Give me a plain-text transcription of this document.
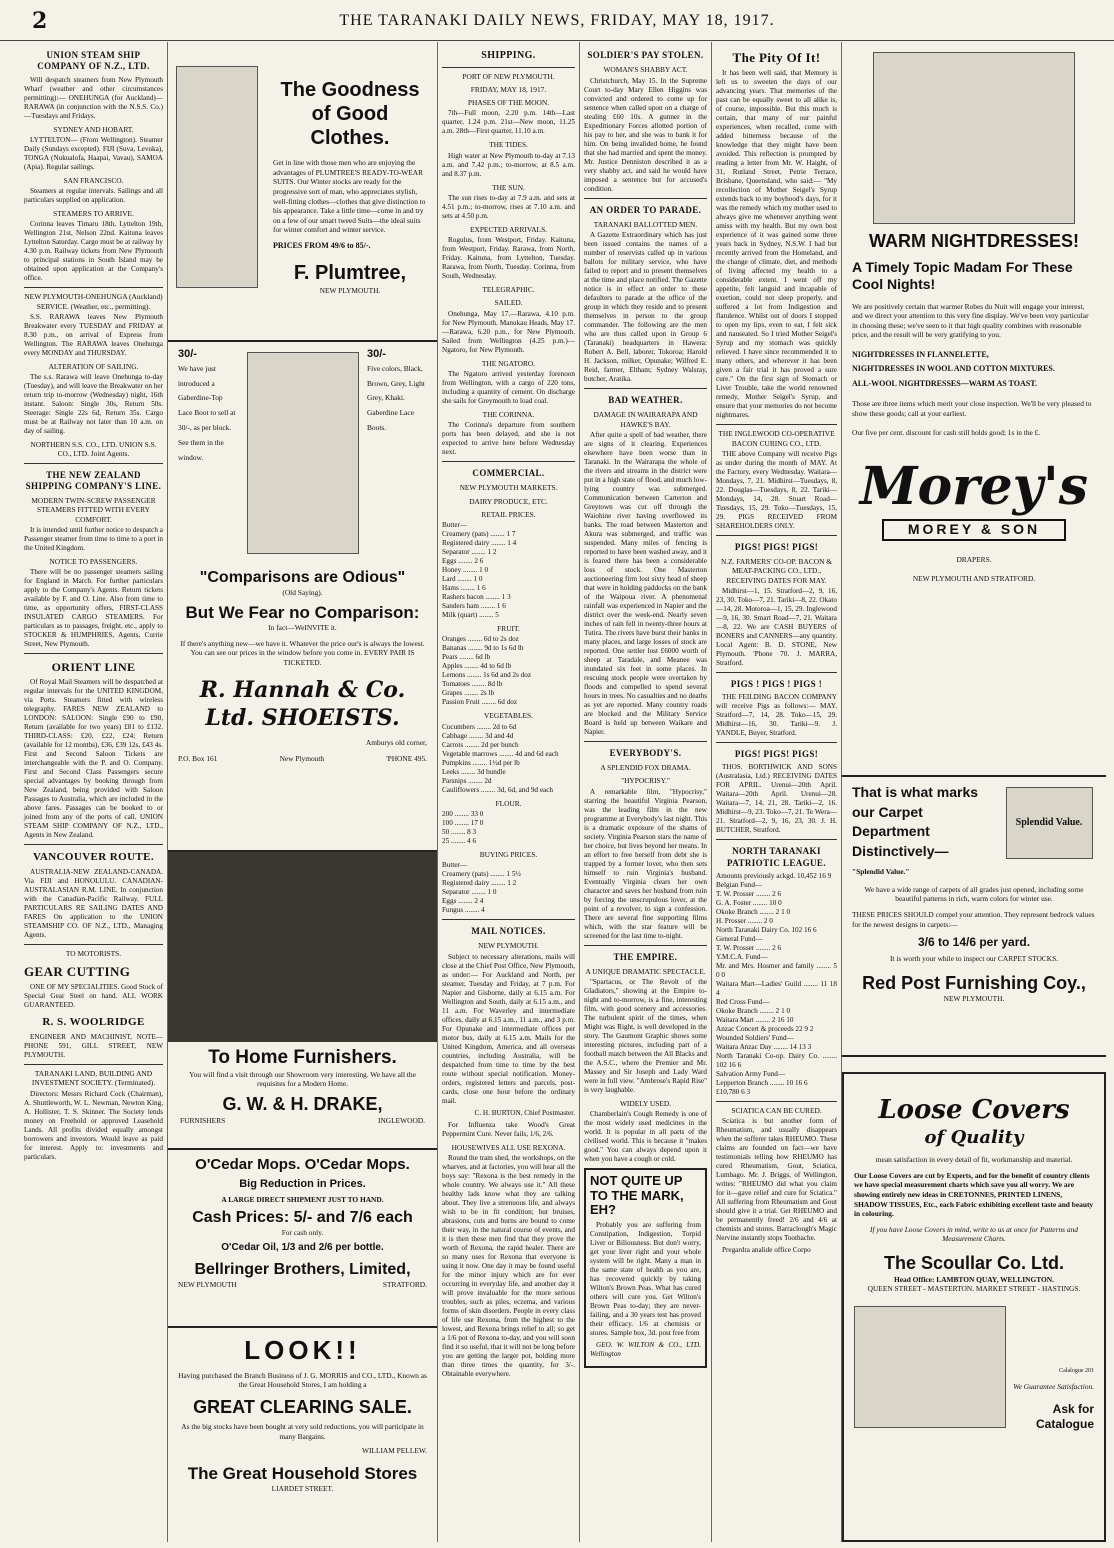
2	THE TARANAKI DAILY NEWS, FRIDAY, MAY 18, 1917.
UNION STEAM SHIP COMPANY OF N.Z., LTD.

Will despatch steamers from New Plymouth Wharf (weather and other circumstances permitting):— ONEHUNGA (for Auckland)— RARAWA (in conjunction with the N.S.S. Co.)—Tuesdays and Fridays.

SYDNEY AND HOBART.

LYTTELTON— (From Wellington). Steamer Daily (Sundays excepted). FIJI (Suva, Levuka), TONGA (Nukualofa, Haapai, Vavau), SAMOA (Apia). Regular sailings.

SAN FRANCISCO.

Steamers at regular intervals. Sailings and all particulars supplied on application.

STEAMERS TO ARRIVE.

Corinna leaves Timaru 18th, Lyttelton 19th, Wellington 21st, Nelson 22nd. Kaituna leaves Lyttelton Saturday. Cargo must be at railway by 4.30 p.m. Railway tickets from New Plymouth to principal stations in South Island may be obtained upon application at the Company's office.

NEW PLYMOUTH-ONEHUNGA (Auckland) SERVICE. (Weather, etc., permitting).

S.S. RARAWA leaves New Plymouth Breakwater every TUESDAY and FRIDAY at 8.30 p.m., on arrival of Express from Wellington. The RARAWA leaves Onehunga every MONDAY and THURSDAY.

ALTERATION OF SAILING.

The s.s. Rarawa will leave Onehunga to-day (Tuesday), and will leave the Breakwater on her return trip to-morrow (Wednesday) night, 16th instant. Saloon: Single 30s, Return 50s. Steerage: Single 22s 6d, Return 35s. Cargo must be at Railway not later than 10 a.m. on day of sailing.

NORTHERN S.S. CO., LTD. UNION S.S. CO., LTD. Joint Agents.
THE NEW ZEALAND SHIPPING COMPANY'S LINE.
MODERN TWIN-SCREW PASSENGER STEAMERS FITTED WITH EVERY COMFORT.

It is intended until further notice to despatch a Passenger steamer from time to time to a port in the United Kingdom.

NOTICE TO PASSENGERS.

There will be no passenger steamers sailing for England in March. For further particulars apply to the Company's Agents. Return tickets available by F. and O. Line. Also from time to time, as opportunity offers, FIRST-CLASS INSULATED CARGO STEAMERS. For particulars as to passages, freight, etc., apply to STOCKER & HUMPHRIES, Agents, Currie Street, New Plymouth.

ORIENT LINE

Of Royal Mail Steamers will be despatched at regular intervals for the UNITED KINGDOM, via Ports. Steamers fitted with wireless telegraphy. FARES NEW ZEALAND to LONDON: SALOON: Single £90 to £90, Return (available for two years) £81 to £132. THIRD-CLASS: £20, £22, £24; Return (available for 12 months), £36, £39 12s, £43 4s. First and Second Saloon Tickets are interchangeable with the P. and O. Company. First and Second Class Passengers secure special advantages by booking through from New Zealand, being provided with Saloon Passages to Australia, which are included in the above fares. Passages can be booked to or joined from any of the ports of call. UNION STEAM SHIP COMPANY OF N.Z., LTD., Agents in New Zealand.

VANCOUVER ROUTE.

AUSTRALIA-NEW ZEALAND-CANADA. Via FIJI and HONOLULU. CANADIAN-AUSTRALASIAN R.M. LINE. In conjunction with the Canadian-Pacific Railway. FULL PARTICULARS RE SAILING DATES AND FARES On application to the UNION STEAMSHIP CO. OF N.Z., LTD., Managing Agents.

TO MOTORISTS.
GEAR CUTTING

ONE OF MY SPECIALITIES. Good Stock of Special Gear Steel on hand. ALL WORK GUARANTEED.

R. S. WOOLRIDGE

ENGINEER AND MACHINIST, NOTE—PHONE 591, GILL STREET, NEW PLYMOUTH.

TARANAKI LAND, BUILDING AND INVESTMENT SOCIETY. (Terminated).

Directors: Messrs Richard Cock (Chairman), A. Shuttleworth, W. L. Newman, Newton King, A. Hollister, T. S. Skinner. The Society lends money on Freehold or approved Leasehold Lands. All profits divided equally amongst borrowers and investors. Would leave as paid for interest. Apply to: investments and particulars.

The Goodness of Good Clothes.
Get in line with those men who are enjoying the advantages of PLUMTREE'S READY-TO-WEAR SUITS. Our Winter stocks are ready for the progressive sort of man, who appreciates stylish, well-fitting clothes—clothes that give distinction to his appearance. Take a little time—come in and try on a few of our smart tweed Suits—the ideal suits for winter comfort and winter service.
PRICES FROM 49/6 to 85/-.
F. Plumtree,
NEW PLYMOUTH.
30/-
We have just introduced a Gaberdine-Top Lace Boot to sell at 30/-, as per block. See them in the window.
30/-
Five colors, Black, Brown, Grey, Light Grey, Khaki. Gaberdine Lace Boots.
"Comparisons are Odious"
(Old Saying).
But We Fear no Comparison:
In fact—WeINVITE it.
If there's anything new—we have it. Whatever the price our's is always the lowest. You can see our prices in the window before you come in. EVERY PAIR IS TICKETED.
R. Hannah & Co. Ltd. SHOEISTS.
Amburys old corner,
P.O. Box 161	New Plymouth	'PHONE 495.
To Home Furnishers.
You will find a visit through our Showroom very interesting. We have all the requisites for a Modern Home.
G. W. & H. DRAKE,
FURNISHERS	INGLEWOOD.
O'Cedar Mops. O'Cedar Mops.
Big Reduction in Prices.
A LARGE DIRECT SHIPMENT JUST TO HAND.
Cash Prices: 5/- and 7/6 each
For cash only.
O'Cedar Oil, 1/3 and 2/6 per bottle.
Bellringer Brothers, Limited,
NEW PLYMOUTH	STRATFORD.
LOOK!!
Having purchased the Branch Business of J. G. MORRIS and CO., LTD., Known as the Great Household Stores, I am holding a
GREAT CLEARING SALE.
As the big stocks have been bought at very sold reductions, you will participate in many Bargains.
WILLIAM PELLEW.
The Great Household Stores
LIARDET STREET.
SHIPPING.
PORT OF NEW PLYMOUTH.
FRIDAY, MAY 18, 1917.
PHASES OF THE MOON.

7th—Full moon, 2.20 p.m. 14th—Last quarter, 1.24 p.m. 21st—New moon, 11.25 a.m. 28th—First quarter, 11.10 a.m.

THE TIDES.

High water at New Plymouth to-day at 7.13 a.m. and 7.42 p.m.; to-morrow, at 8.5 a.m. and 8.37 p.m.

THE SUN.

The sun rises to-day at 7.9 a.m. and sets at 4.51 p.m.; to-morrow, rises at 7.10 a.m. and sets at 4.50 p.m.

EXPECTED ARRIVALS.

Rogulus, from Westport, Friday. Kaituna, from Westport, Friday. Rarawa, from North, Friday. Kaituna, from Lyttelton, Tuesday. Rarawa, from North, Tuesday. Corinna, from South, Wednesday.

TELEGRAPHIC.
SAILED.

Onehunga, May 17.—Rarawa, 4.10 p.m. for New Plymouth. Manukau Heads, May 17.—Rarawa, 6.20 p.m., for New Plymouth. Sailed from Wellington (4.25 p.m.)—Ngatoro, for New Plymouth.

THE NGATORO.

The Ngatoro arrived yesterday forenoon from Wellington, with a cargo of 220 tons, including a quantity of cement. On discharge she sails for Greymouth to load coal.

THE CORINNA.

The Corinna's departure from southern ports has been delayed, and she is not expected to arrive here before Wednesday next.

COMMERCIAL.
NEW PLYMOUTH MARKETS.
DAIRY PRODUCE, ETC.
RETAIL PRICES.
Butter—
Creamery (pats) ........ 1 7
Registered dairy ........ 1 4
Separator ........ 1 2
Eggs ........ 2 6
Honey ........ 1 0
Lard ........ 1 0
Hams ........ 1 6
Rashers bacon ........ 1 3
Sanders ham ........ 1 6
Milk (quart) ........ 5
FRUIT.
Oranges ........ 6d to 2s doz
Bananas ........ 9d to 1s 6d lb
Pears ........ 6d lb
Apples ........ 4d to 6d lb
Lemons ........ 1s 6d and 2s doz
Tomatoes ........ 8d lb
Grapes ........ 2s lb
Passion Fruit ........ 6d doz
VEGETABLES.
Cucumbers ........ 2d to 6d
Cabbage ........ 3d and 4d
Carrots ........ 2d per bunch
Vegetable marrows ........ 4d and 6d each
Pumpkins ........ 1½d per lb
Leeks ........ 3d bundle
Parsnips ........ 2d
Cauliflowers ........ 3d, 6d, and 9d each
FLOUR.
200 ........ 33 0
100 ........ 17 0
50 ........ 8 3
25 ........ 4 6
BUYING PRICES.
Butter—
Creamery (pats) ........ 1 5½
Registered dairy ........ 1 2
Separator ........ 1 0
Eggs ........ 2 4
Fungus ........ 4
MAIL NOTICES.
NEW PLYMOUTH.

Subject to necessary alterations, mails will close at the Chief Post Office, New Plymouth, as under:— For Auckland and North, per steamer, Tuesday and Friday, at 7 p.m. For Napier and Gisborne, daily at 6.15 a.m. For Wellington and South, daily at 6.15 a.m., and 11 a.m. For Waverley and intermediate offices, daily at 6.15 a.m., 11 a.m., and 3 p.m. For Opunake and intermediate offices per motor bus, daily at 6.15 a.m. Mails for the United Kingdom, America, and all overseas countries, including Australia, will be despatched from time to time by the best route without special notification. Money-orders, registered letters and parcels, post-cards, close one hour before the ordinary mail.

C. H. BURTON, Chief Postmaster.

For Influenza take Wood's Great Peppermint Cure. Never fails, 1/6, 2/6.

HOUSEWIVES ALL USE REXONA.

Round the tram shed, the workshops, on the wharves, and at factories, you will hear all the boys say: "Rexona is the best remedy in the whole country. We always use it." All these healthy lads know what they are talking about. They live a strenuous life, and always wish to be in fit condition; but bruises, abrasions, cuts and burns are bound to come their way, in the natural course of events, and it is then these men find that they prove the worth of Rexona, the rapid healer. There are so many uses for Rexona that everyone is using it now. One day it may be found useful for the minor injury which are for ever occurring in everyday life, and another day it will prove invaluable for the more serious troubles, such as piles, eczema, and various forms of skin disorders. People in every class of life use Rexona, from the highest to the lowest, and Rexona brings relief to all; so get a 1/6 pot of Rexona to-day, and you will soon find it so useful, that it will not be long before you are getting the larger pot, holding more than three times the quantity, for 3/-. Obtainable everywhere.

SOLDIER'S PAY STOLEN.
WOMAN'S SHABBY ACT.

Christchurch, May 15. In the Supreme Court to-day Mary Ellen Higgins was convicted and ordered to come up for sentence when called upon on a charge of stealing £60 10s. A gunner in the Expeditionary Forces allotted portion of his pay to her, and she was to bank it for him. On being invalided home, he found that she had married and spent the money. Mr. Justice Denniston described it as a very shabby act, and said he would have imposed a sentence but for accused's condition.

AN ORDER TO PARADE.
TARANAKI BALLOTTED MEN.

A Gazette Extraordinary which has just been issued contains the names of a number of reservists called up in various ballots for military service, who have failed to report and to present themselves at the time and place notified. The Gazette notice is in effect an order to these defaulters to parade at the office of the group in which they reside and to present themselves in person to the group commander. The following are the men who are thus called upon in Group 6 (Taranaki) headquarters in Hawera: Robert A. Bell, laborer, Tokoroa; Harold H. Jackson, milker, Opunake; Wilfred E. Reid, farmer, Eltham; Sydney Walsray, butcher, Aratika.

BAD WEATHER.
DAMAGE IN WAIRARAPA AND HAWKE'S BAY.

After quite a spell of bad weather, there are signs of it clearing. Experiences elsewhere have been worse than in Taranaki. In the Wairarapa the whole of the rivers and streams in the district were put in a high state of flood, and much low-lying country was submerged. Communication between Carterton and Greytown was cut off through the Waiohine river having overflowed its banks. The road between Masterton and Akura was submerged, and traffic was suspended. Many miles of fencing is reported to have been washed away, and it is feared there has been a considerable loss of stock. One Masterton auctioneering firm lost sixty head of sheep that were in holding paddocks on the bank of the Waipoua river. A phenomenal rainfall was experienced in Napier and the district over the week-end. Nearly seven inches of rain fell in twenty-three hours at Tutira. The rivers have burst their banks in many places, and large losses of stock are reported. One settler lost £6000 worth of sheep at Taradale, and Meanee was inundated six feet in some places. In rescuing stock people were overtaken by floods and compelled to spend several hours in trees. No casualties and no deaths as yet are reported. Many country roads are blocked and the Military Service Board is held up between Waikare and Napier.

EVERYBODY'S.
A SPLENDID FOX DRAMA.
"HYPOCRISY."

A remarkable film, "Hypocrisy," starring the beautiful Virginia Pearson, was the leading film in the new programme at Everybody's last night. This is a dramatic exposure of the shams of society. Virginia Pearson stars the name of her choice, but lives beyond her means. In an effort to free herself from debt she is trapped by a former lover, who then sets himself to ruin Virginia's husband. Eventually Virginia clears her own character and saves her husband from ruin by forcing the unscrupulous lover, at the point of a revolver, to sign a confession. There are several fine supporting films which, with the star feature will be screened for the last time to-night.

THE EMPIRE.
A UNIQUE DRAMATIC SPECTACLE.

"Spartacus, or The Revolt of the Gladiators," showing at the Empire to-night and to-morrow, is a fine, interesting film, with good scenery and accessories. The turbulent spirit of the times, when Might was Right, is well developed in the story. The Gaumont Graphic shows some interesting pictures, including part of a football match between the All Blacks and the A.S.C., where the Premier and Mr. Massey and Sir Joseph and Lady Ward were in full view. "Ambrose's Rapid Rise" is very laughable.

WIDELY USED.

Chamberlain's Cough Remedy is one of the most widely used medicines in the world. It is popular in all parts of the civilised world. This is because it "makes good." You can always depend upon it when you have a cough or cold.

NOT QUITE UP TO THE MARK, EH?

Probably you are suffering from Constipation, Indigestion, Torpid Liver or Biliousness. But don't worry, get your liver right and your whole system will be right. Many a man in the same state of health as you are, has recovered quickly by taking Wilton's Brown Peas. What has cured others will cure you. Get Wilton's Brown Peas to-day; they are never-failing, and a 30 years test has proved their efficacy. 1/6 at chemists or stores. Sample box, 3d. post free from

GEO. W. WILTON & CO., LTD. Wellington

The Pity Of It!

It has been well said, that Memory is left us to sweeten the days of our advancing years. That memories of the past can be equally sweet to all alike is, of course, impossible. But this much is certain, that many of our painful experiences, when recalled, come with added bitterness because of the knowledge that they might have been avoided. This reflection is prompted by reading a letter from Mr. W. Haight, of 31, Rutland Street, Petrie Terrace, Brisbane, Queensland, who said:— "My recollection of Mother Seigel's Syrup extends back to my boyhood's days, for it was the remedy which my mother used to always give me whenever anything went amiss with my health. But my own best experience of it was gained some three years back in Sydney, N.S.W. I had but recently arrived from the Homeland, and the change of climate, diet, and methods of living affected my health to a considerable extent. I went off my appetite, felt languid and incapable of exertion, could not sleep properly, and suffered a lot from Indigestion and flatulence. Whilst out of doors I stopped to open my lips, even to eat, I felt sick and nauseated. So I tried Mother Seigel's Syrup and my stomach was quickly relieved. I have since recommended it to many others, and wherever it has been given a fair trial it has proved a sure cure." On the first sign of Stomach or Liver Trouble, take the world renowned remedy, Mother Seigel's Syrup, and ensure that your memories do not become nightmares.

THE INGLEWOOD CO-OPERATIVE BACON CURING CO., LTD.

THE above Company will receive Pigs as under during the month of MAY. At the Factory, every Wednesday. Waitara—Mondays, 7, 21. Midhirst—Tuesdays, 8, 22. Douglas—Tuesdays, 8, 22. Tariki—Mondays, 14, 28. Stuart Road—Tuesdays, 15, 29. Toko—Tuesdays, 15, 29. PIGS RECEIVED FROM SHAREHOLDERS ONLY.

PIGS! PIGS! PIGS!
N.Z. FARMERS' CO-OP. BACON & MEAT-PACKING CO., LTD., RECEIVING DATES FOR MAY.

Midhirst—1, 15. Stratford—2, 9, 16, 23, 30. Toko—7, 21. Tariki—8, 22. Okato—14, 28. Motoroa—1, 15, 29. Inglewood—9, 16, 30. Smart Road—7, 21. Waitara—8, 22. We are CASH BUYERS of BONERS and CANNERS—any quantity. Local Agent: B. D. STONE, New Plymouth. 'Phone 70. J. MARRA, Stratford.

PIGS ! PIGS ! PIGS !

THE FEILDING BACON COMPANY will receive Pigs as follows:— MAY. Stratford—7, 14, 28. Toko—15, 29. Midhirst—16, 30. Tariki—9. J. YANDLE, Buyer, Stratford.

PIGS! PIGS! PIGS!

THOS. BORTHWICK AND SONS (Australasia, Ltd.) RECEIVING DATES FOR APRIL. Urenui—20th April. Waitara—20th April. Urenui—28. Waitara—7, 14, 21, 28. Tariki—2, 16. Midhirst—9, 23. Toko—7, 21. Te Wera—21. Stratford—2, 9, 16, 23, 30. J. H. BUTCHER, Stratford.

NORTH TARANAKI PATRIOTIC LEAGUE.
Amounts previously ackgd. 10,452 16 9
Belgian Fund—
T. W. Prosser ........ 2 6
G. A. Foster ........ 10 0
Okoke Branch ........ 2 1 0
H. Prosser ........ 2 0
North Taranaki Dairy Co. 102 16 6
General Fund—
T. W. Prosser ........ 2 6
Y.M.C.A. Fund—
Mr. and Mrs. Hosmer and family ........ 5 0 0
Waitara Mart—Ladies' Guild ........ 11 18 4
Red Cross Fund—
Okoke Branch ........ 2 1 0
Waitara Mart ........ 2 16 10
Anzac Concert & proceeds 22 9 2
Wounded Soldiers' Fund—
Waitara Anzac Day ........ 14 13 3
North Taranaki Co-op. Dairy Co. ........ 102 16 6
Salvation Army Fund—
Lepperton Branch ........ 10 16 6
£10,780 6 3
SCIATICA CAN BE CURED.

Sciatica is but another form of Rheumatism, and usually disappears when the sufferer takes RHEUMO. These claims are founded on fact—we have testimonials telling how RHEUMO has cured Rheumatism, Gout, Sciatica, Lumbago. Mr. J. Briggs, of Wellington, writes: "RHEUMO did what you claim for it—gave relief and cure for Sciatica." All suffering from Rheumatism and Gout should give it a trial. Get RHEUMO and be permanently freed! 2/6 and 4/6 at chemists and stores. Barraclough's Magic Nervine instantly stops Toothache.

Pregardra analide office Corpo

WARM NIGHTDRESSES!
A Timely Topic Madam For These Cool Nights!
We are positively certain that warmer Robes du Nuit will engage your interest, and we direct your attention to this very fine display. We've been very particular in choosing these; we've seen to it that high quality combines with reasonable price, and the result will be very gratifying to you.
NIGHTDRESSES IN FLANNELETTE,
NIGHTDRESSES IN WOOL AND COTTON MIXTURES.
ALL-WOOL NIGHTDRESSES—WARM AS TOAST.
Those are three items which merit your close inspection. We'll be very pleased to show these goods; call at your earliest.
Our five per cent. discount for cash still holds good; 1s in the £.
Morey's
MOREY & SON
DRAPERS.
NEW PLYMOUTH AND STRATFORD.
That is what marks our Carpet Department Distinctively—
Splendid Value.
"Splendid Value."
We have a wide range of carpets of all grades just opened, including some beautiful patterns in rich, warm colors for winter use.
THESE PRICES SHOULD compel your attention. They represent bedrock values for the newest designs in carpets:—
3/6 to 14/6 per yard.
It is worth your while to inspect our CARPET STOCKS.
Red Post Furnishing Coy.,
NEW PLYMOUTH.
Loose Covers
of Quality
mean satisfaction in every detail of fit, workmanship and material.
Our Loose Covers are cut by Experts, and for the benefit of country clients we have special measurement charts which save you all worry. We are showing entirely new ideas in CRETONNES, PRINTED LINENS, SHADOW TISSUES, Etc., each Fabric exhibiting excellent taste and beauty in colouring.
If you have Loose Covers in mind, write to us at once for Patterns and Measurement Charts.
The Scoullar Co. Ltd.
Head Office: LAMBTON QUAY, WELLINGTON.
QUEEN STREET - MASTERTON. MARKET STREET - HASTINGS.
Calalogue 201
We Guarantee Satisfaction.
Ask for Catalogue
